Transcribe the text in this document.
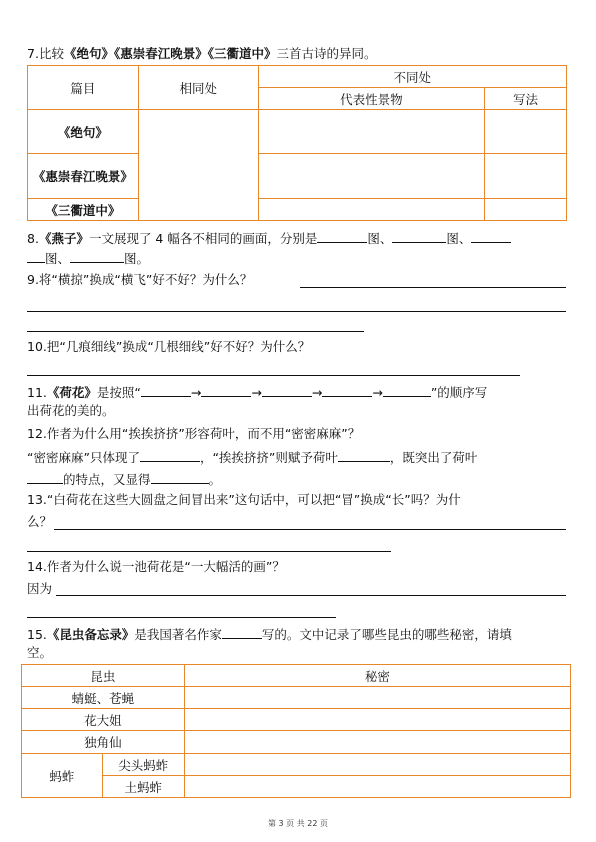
7.比较《绝句》《惠崇春江晚景》《三衢道中》三首古诗的异同。
篇目	相同处	不同处	
		代表性景物	写法
《绝句》			
《惠崇春江晚景》			
《三衢道中》			
8.《燕子》一文展现了 4 幅各不相同的画面，分别是	图、	图、
图、	图。
9.将“横掠”换成“横飞”好不好？为什么？
10.把“几痕细线”换成“几根细线”好不好？为什么？
11.《荷花》是按照“	→	→	→	→	”的顺序写
出荷花的美的。
12.作者为什么用“挨挨挤挤”形容荷叶，而不用“密密麻麻”？
“密密麻麻”只体现了	，“挨挨挤挤”则赋予荷叶	，既突出了荷叶
的特点，又显得	。
13.“白荷花在这些大圆盘之间冒出来”这句话中，可以把“冒”换成“长”吗？为什
么？
14.作者为什么说一池荷花是“一大幅活的画”？
因为
15.《昆虫备忘录》是我国著名作家	写的。文中记录了哪些昆虫的哪些秘密，请填
空。
昆虫		秘密
蜻蜓、苍蝇		
花大姐		
独角仙		
蚂蚱	尖头蚂蚱	
	土蚂蚱	
第 3 页 共 22 页
